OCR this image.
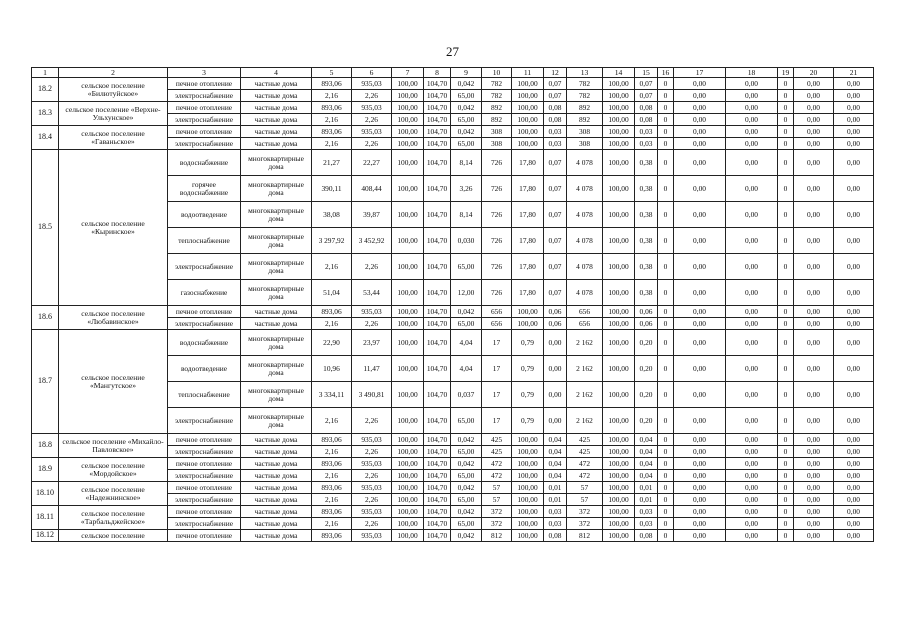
27
1	2	3	4	5	6	7	8	9	10	11	12	13	14	15	16	17	18	19	20	21
18.2	сельское поселение «Билютуйское»	печное отопление	частные дома	893,06	935,03	100,00	104,70	0,042	782	100,00	0,07	782	100,00	0,07	0	0,00	0,00	0	0,00	0,00
		электроснабжение	частные дома	2,16	2,26	100,00	104,70	65,00	782	100,00	0,07	782	100,00	0,07	0	0,00	0,00	0	0,00	0,00
18.3	сельское поселение «Верхне-Ульхунское»	печное отопление	частные дома	893,06	935,03	100,00	104,70	0,042	892	100,00	0,08	892	100,00	0,08	0	0,00	0,00	0	0,00	0,00
		электроснабжение	частные дома	2,16	2,26	100,00	104,70	65,00	892	100,00	0,08	892	100,00	0,08	0	0,00	0,00	0	0,00	0,00
18.4	сельское поселение «Гаваньское»	печное отопление	частные дома	893,06	935,03	100,00	104,70	0,042	308	100,00	0,03	308	100,00	0,03	0	0,00	0,00	0	0,00	0,00
		электроснабжение	частные дома	2,16	2,26	100,00	104,70	65,00	308	100,00	0,03	308	100,00	0,03	0	0,00	0,00	0	0,00	0,00
18.5	сельское поселение «Кыринское»	водоснабжение	многоквартирные дома	21,27	22,27	100,00	104,70	8,14	726	17,80	0,07	4 078	100,00	0,38	0	0,00	0,00	0	0,00	0,00
		горячее водоснабжение	многоквартирные дома	390,11	408,44	100,00	104,70	3,26	726	17,80	0,07	4 078	100,00	0,38	0	0,00	0,00	0	0,00	0,00
		водоотведение	многоквартирные дома	38,08	39,87	100,00	104,70	8,14	726	17,80	0,07	4 078	100,00	0,38	0	0,00	0,00	0	0,00	0,00
		теплоснабжение	многоквартирные дома	3 297,92	3 452,92	100,00	104,70	0,030	726	17,80	0,07	4 078	100,00	0,38	0	0,00	0,00	0	0,00	0,00
		электроснабжение	многоквартирные дома	2,16	2,26	100,00	104,70	65,00	726	17,80	0,07	4 078	100,00	0,38	0	0,00	0,00	0	0,00	0,00
		газоснабжение	многоквартирные дома	51,04	53,44	100,00	104,70	12,00	726	17,80	0,07	4 078	100,00	0,38	0	0,00	0,00	0	0,00	0,00
18.6	сельское поселение «Любавинское»	печное отопление	частные дома	893,06	935,03	100,00	104,70	0,042	656	100,00	0,06	656	100,00	0,06	0	0,00	0,00	0	0,00	0,00
		электроснабжение	частные дома	2,16	2,26	100,00	104,70	65,00	656	100,00	0,06	656	100,00	0,06	0	0,00	0,00	0	0,00	0,00
18.7	сельское поселение «Мангутское»	водоснабжение	многоквартирные дома	22,90	23,97	100,00	104,70	4,04	17	0,79	0,00	2 162	100,00	0,20	0	0,00	0,00	0	0,00	0,00
		водоотведение	многоквартирные дома	10,96	11,47	100,00	104,70	4,04	17	0,79	0,00	2 162	100,00	0,20	0	0,00	0,00	0	0,00	0,00
		теплоснабжение	многоквартирные дома	3 334,11	3 490,81	100,00	104,70	0,037	17	0,79	0,00	2 162	100,00	0,20	0	0,00	0,00	0	0,00	0,00
		электроснабжение	многоквартирные дома	2,16	2,26	100,00	104,70	65,00	17	0,79	0,00	2 162	100,00	0,20	0	0,00	0,00	0	0,00	0,00
18.8	сельское поселение «Михайло-Павловское»	печное отопление	частные дома	893,06	935,03	100,00	104,70	0,042	425	100,00	0,04	425	100,00	0,04	0	0,00	0,00	0	0,00	0,00
		электроснабжение	частные дома	2,16	2,26	100,00	104,70	65,00	425	100,00	0,04	425	100,00	0,04	0	0,00	0,00	0	0,00	0,00
18.9	сельское поселение «Мордойское»	печное отопление	частные дома	893,06	935,03	100,00	104,70	0,042	472	100,00	0,04	472	100,00	0,04	0	0,00	0,00	0	0,00	0,00
		электроснабжение	частные дома	2,16	2,26	100,00	104,70	65,00	472	100,00	0,04	472	100,00	0,04	0	0,00	0,00	0	0,00	0,00
18.10	сельское поселение «Надежнинское»	печное отопление	частные дома	893,06	935,03	100,00	104,70	0,042	57	100,00	0,01	57	100,00	0,01	0	0,00	0,00	0	0,00	0,00
		электроснабжение	частные дома	2,16	2,26	100,00	104,70	65,00	57	100,00	0,01	57	100,00	0,01	0	0,00	0,00	0	0,00	0,00
18.11	сельское поселение «Тарбальджейское»	печное отопление	частные дома	893,06	935,03	100,00	104,70	0,042	372	100,00	0,03	372	100,00	0,03	0	0,00	0,00	0	0,00	0,00
		электроснабжение	частные дома	2,16	2,26	100,00	104,70	65,00	372	100,00	0,03	372	100,00	0,03	0	0,00	0,00	0	0,00	0,00
18.12	сельское поселение	печное отопление	частные дома	893,06	935,03	100,00	104,70	0,042	812	100,00	0,08	812	100,00	0,08	0	0,00	0,00	0	0,00	0,00
